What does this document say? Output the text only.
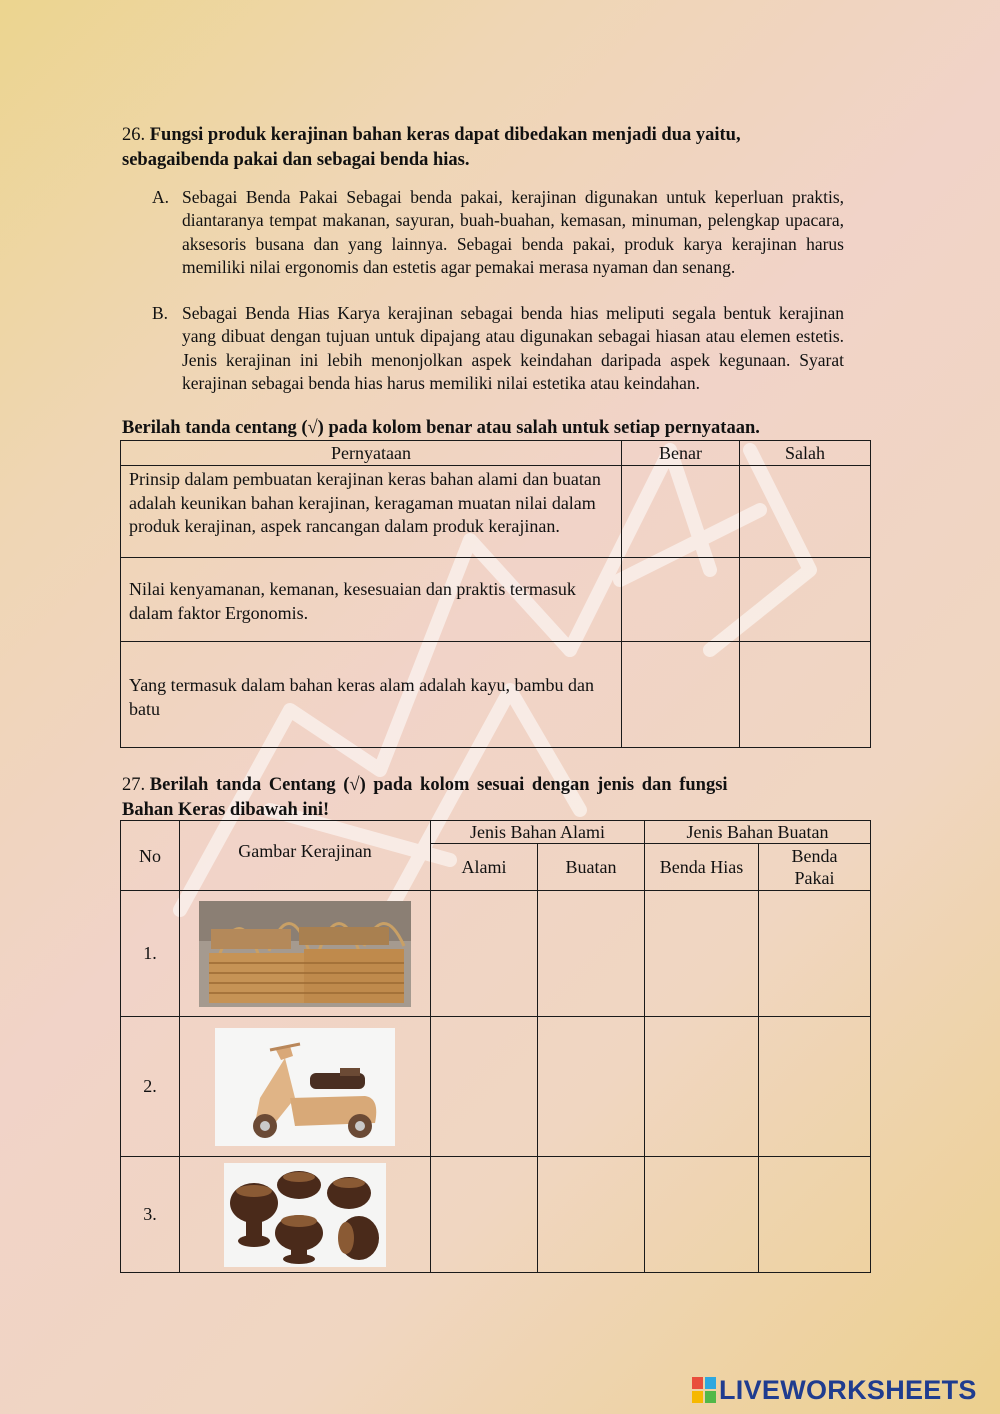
26. Fungsi produk kerajinan bahan keras dapat dibedakan menjadi dua yaitu,
sebagaibenda pakai dan sebagai benda hias.
A. Sebagai Benda Pakai Sebagai benda pakai, kerajinan digunakan untuk keperluan praktis, diantaranya tempat makanan, sayuran, buah-buahan, kemasan, minuman, pelengkap upacara, aksesoris busana dan yang lainnya. Sebagai benda pakai, produk karya kerajinan harus memiliki nilai ergonomis dan estetis agar pemakai merasa nyaman dan senang.
B. Sebagai Benda Hias Karya kerajinan sebagai benda hias meliputi segala bentuk kerajinan yang dibuat dengan tujuan untuk dipajang atau digunakan sebagai hiasan atau elemen estetis. Jenis kerajinan ini lebih menonjolkan aspek keindahan daripada aspek kegunaan. Syarat kerajinan sebagai benda hias harus memiliki nilai estetika atau keindahan.
Berilah tanda centang (√) pada kolom benar atau salah untuk setiap pernyataan.
Pernyataan	Benar	Salah
Prinsip dalam pembuatan kerajinan keras bahan alami dan buatan adalah keunikan bahan kerajinan, keragaman muatan nilai dalam produk kerajinan, aspek rancangan dalam produk kerajinan.		
Nilai kenyamanan, kemanan, kesesuaian dan praktis termasuk dalam faktor Ergonomis.		
Yang termasuk dalam bahan keras alam adalah kayu, bambu dan batu		
27. Berilah tanda Centang (√) pada kolom sesuai dengan jenis dan fungsi
Bahan Keras dibawah ini!
No	Gambar Kerajinan	Jenis Bahan Alami		Jenis Bahan Buatan	
		Alami	Buatan	Benda Hias	Benda
Pakai
1.					
2.					
3.					
LIVEWORKSHEETS
